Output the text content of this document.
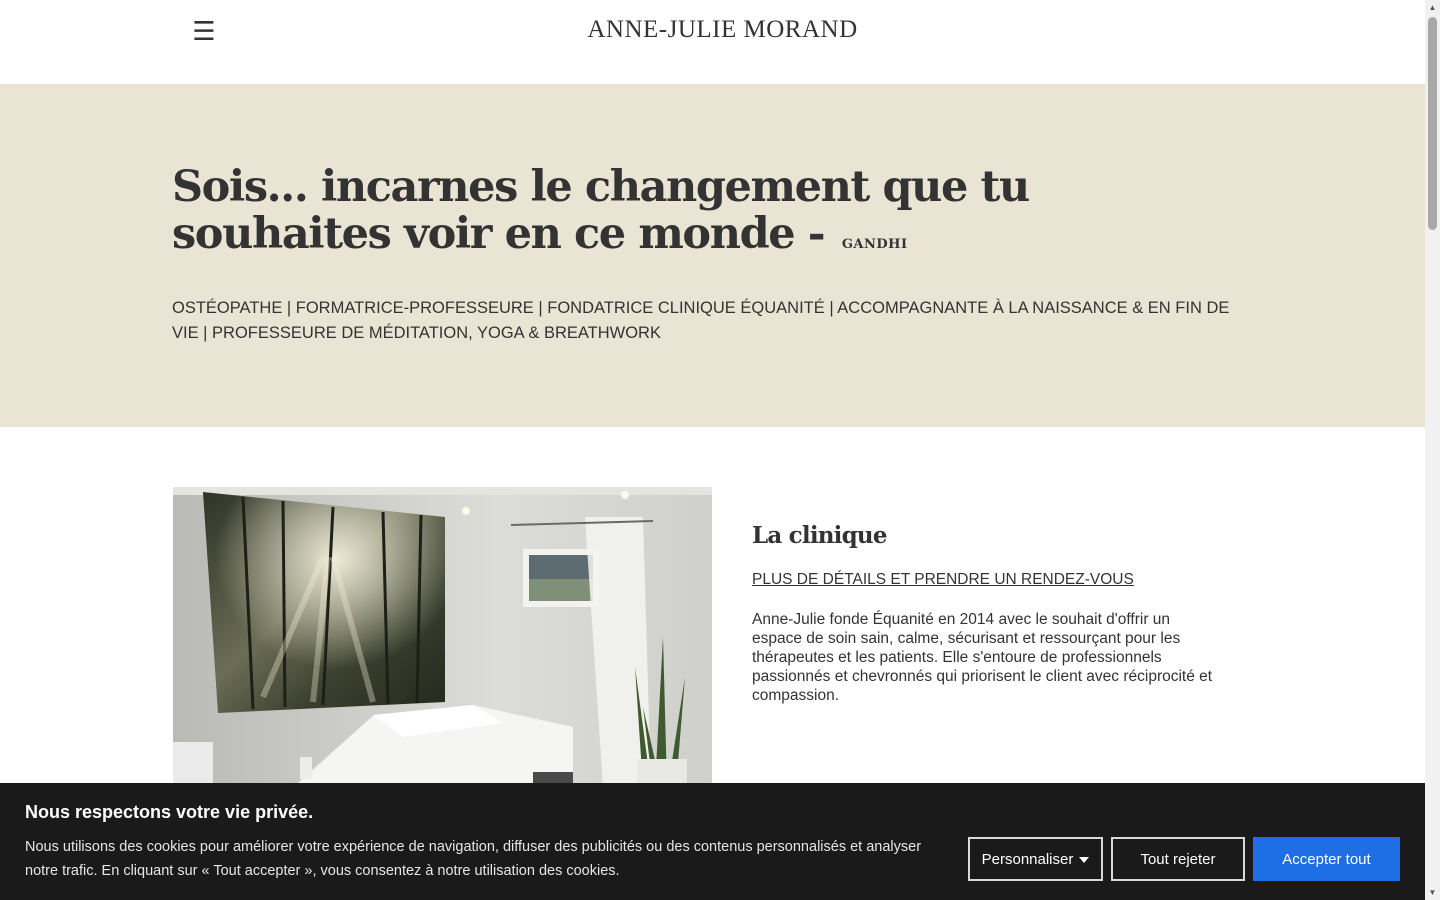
☰	ANNE-JULIE MORAND
Sois... incarnes le changement que tu souhaites voir en ce monde - GANDHI

OSTÉOPATHE | FORMATRICE-PROFESSEURE | FONDATRICE CLINIQUE ÉQUANITÉ | ACCOMPAGNANTE À LA NAISSANCE & EN FIN DE VIE | PROFESSEURE DE MÉDITATION, YOGA & BREATHWORK

La clinique
PLUS DE DÉTAILS ET PRENDRE UN RENDEZ-VOUS

Anne-Julie fonde Équanité en 2014 avec le souhait d'offrir un espace de soin sain, calme, sécurisant et ressourçant pour les thérapeutes et les patients. Elle s'entoure de professionnels passionnés et chevronnés qui priorisent le client avec réciprocité et compassion.

Nous respectons votre vie privée.
Nous utilisons des cookies pour améliorer votre expérience de navigation, diffuser des publicités ou des contenus personnalisés et analyser notre trafic. En cliquant sur « Tout accepter », vous consentez à notre utilisation des cookies.
Personnaliser	Tout rejeter	Accepter tout
▲
▼
